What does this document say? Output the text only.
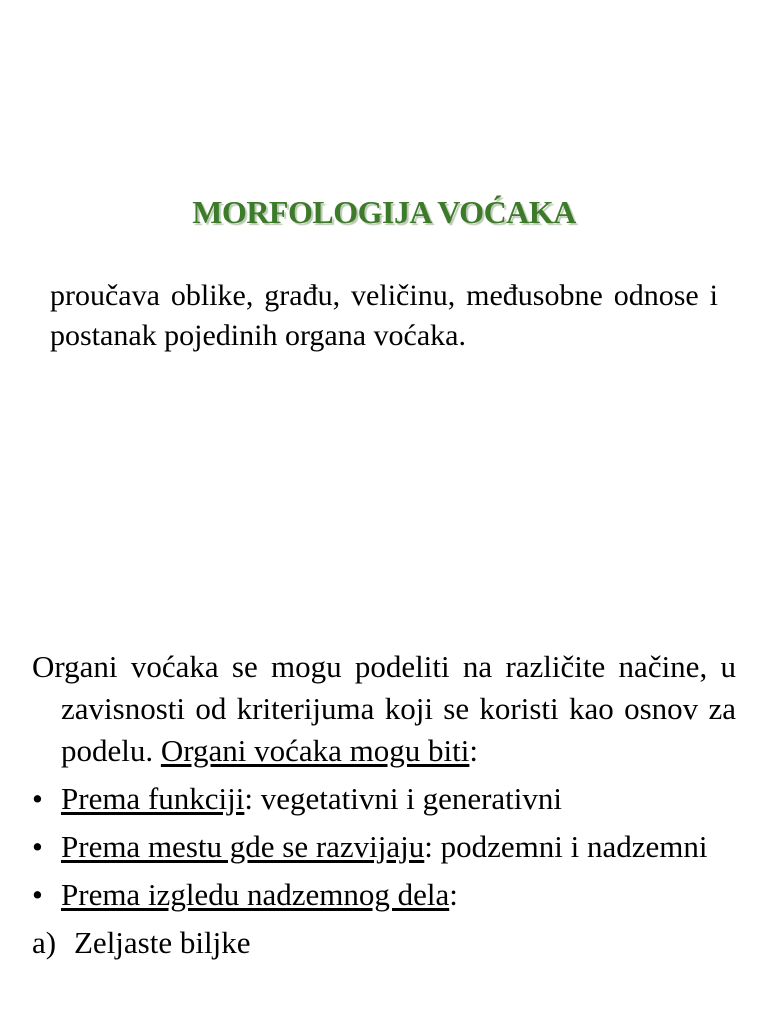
MORFOLOGIJA VOĆAKA
proučava oblike, građu, veličinu, međusobne odnose i postanak pojedinih organa voćaka.
Organi voćaka se mogu podeliti na različite načine, u zavisnosti od kriterijuma koji se koristi kao osnov za podelu. Organi voćaka mogu biti:
• Prema funkciji: vegetativni i generativni
• Prema mestu gde se razvijaju: podzemni i nadzemni
• Prema izgledu nadzemnog dela:
a) Zeljaste biljke
